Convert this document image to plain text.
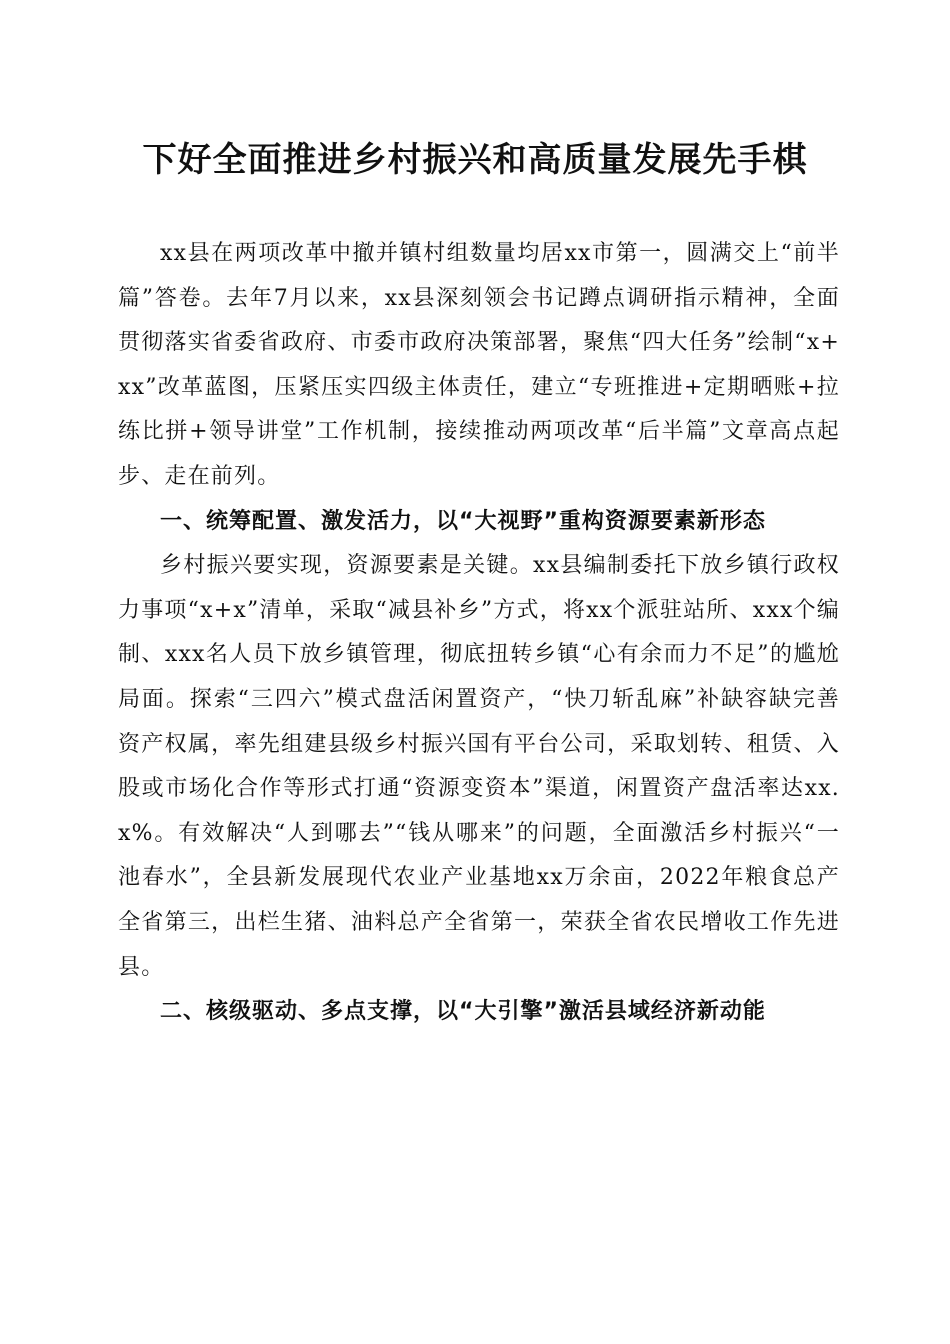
下好全面推进乡村振兴和高质量发展先手棋

xx县在两项改革中撤并镇村组数量均居xx市第一，圆满交上“前半篇”答卷。去年7月以来，xx县深刻领会书记蹲点调研指示精神，全面贯彻落实省委省政府、市委市政府决策部署，聚焦“四大任务”绘制“x+xx”改革蓝图，压紧压实四级主体责任，建立“专班推进+定期晒账+拉练比拼+领导讲堂”工作机制，接续推动两项改革“后半篇”文章高点起步、走在前列。

一、统筹配置、激发活力，以“大视野”重构资源要素新形态

乡村振兴要实现，资源要素是关键。xx县编制委托下放乡镇行政权力事项“x+x”清单，采取“减县补乡”方式，将xx个派驻站所、xxx个编制、xxx名人员下放乡镇管理，彻底扭转乡镇“心有余而力不足”的尴尬局面。探索“三四六”模式盘活闲置资产，“快刀斩乱麻”补缺容缺完善资产权属，率先组建县级乡村振兴国有平台公司，采取划转、租赁、入股或市场化合作等形式打通“资源变资本”渠道，闲置资产盘活率达xx.x%。有效解决“人到哪去”“钱从哪来”的问题，全面激活乡村振兴“一池春水”，全县新发展现代农业产业基地xx万余亩，2022年粮食总产全省第三，出栏生猪、油料总产全省第一，荣获全省农民增收工作先进县。

二、核级驱动、多点支撑，以“大引擎”激活县域经济新动能
